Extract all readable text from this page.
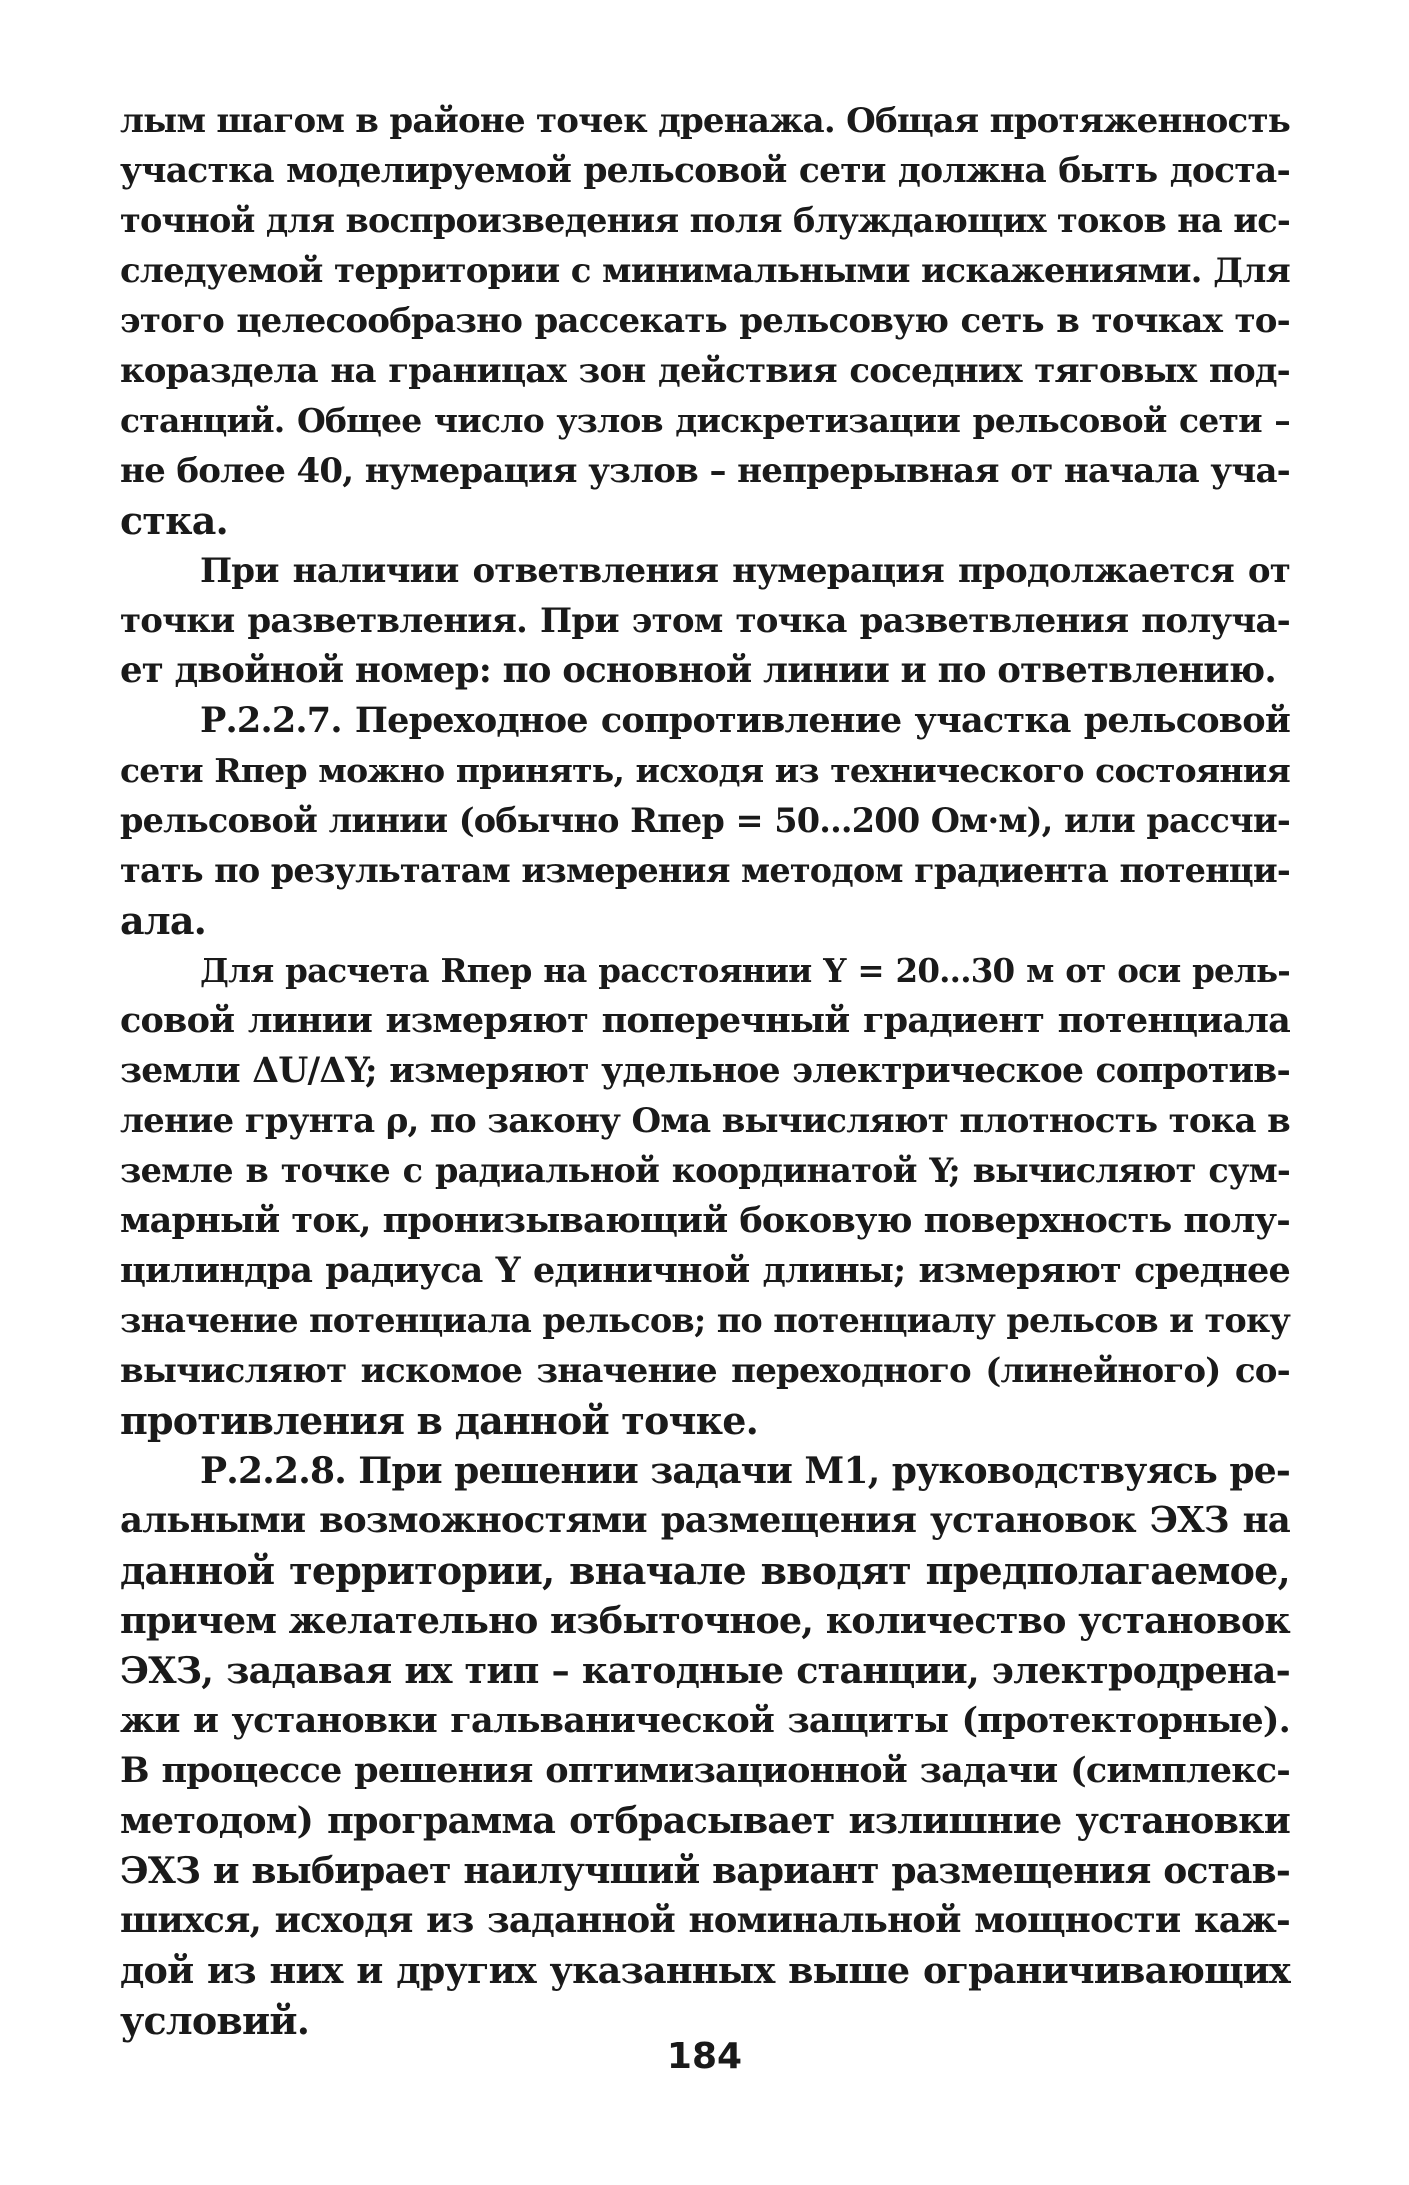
лым шагом в районе точек дренажа. Общая протяженность
участка моделируемой рельсовой сети должна быть доста-
точной для воспроизведения поля блуждающих токов на ис-
следуемой территории с минимальными искажениями. Для
этого целесообразно рассекать рельсовую сеть в точках то-
кораздела на границах зон действия соседних тяговых под-
станций. Общее число узлов дискретизации рельсовой сети –
не более 40, нумерация узлов – непрерывная от начала уча-
стка.
При наличии ответвления нумерация продолжается от
точки разветвления. При этом точка разветвления получа-
ет двойной номер: по основной линии и по ответвлению.
Р.2.2.7. Переходное сопротивление участка рельсовой
сети Rпер можно принять, исходя из технического состояния
рельсовой линии (обычно Rпер = 50...200 Ом·м), или рассчи-
тать по результатам измерения методом градиента потенци-
ала.
Для расчета Rпер на расстоянии Y = 20...30 м от оси рель-
совой линии измеряют поперечный градиент потенциала
земли ΔU/ΔY; измеряют удельное электрическое сопротив-
ление грунта ρ, по закону Ома вычисляют плотность тока в
земле в точке с радиальной координатой Y; вычисляют сум-
марный ток, пронизывающий боковую поверхность полу-
цилиндра радиуса Y единичной длины; измеряют среднее
значение потенциала рельсов; по потенциалу рельсов и току
вычисляют искомое значение переходного (линейного) со-
противления в данной точке.
Р.2.2.8. При решении задачи М1, руководствуясь ре-
альными возможностями размещения установок ЭХЗ на
данной территории, вначале вводят предполагаемое,
причем желательно избыточное, количество установок
ЭХЗ, задавая их тип – катодные станции, электродрена-
жи и установки гальванической защиты (протекторные).
В процессе решения оптимизационной задачи (симплекс-
методом) программа отбрасывает излишние установки
ЭХЗ и выбирает наилучший вариант размещения остав-
шихся, исходя из заданной номинальной мощности каж-
дой из них и других указанных выше ограничивающих
условий.
184
